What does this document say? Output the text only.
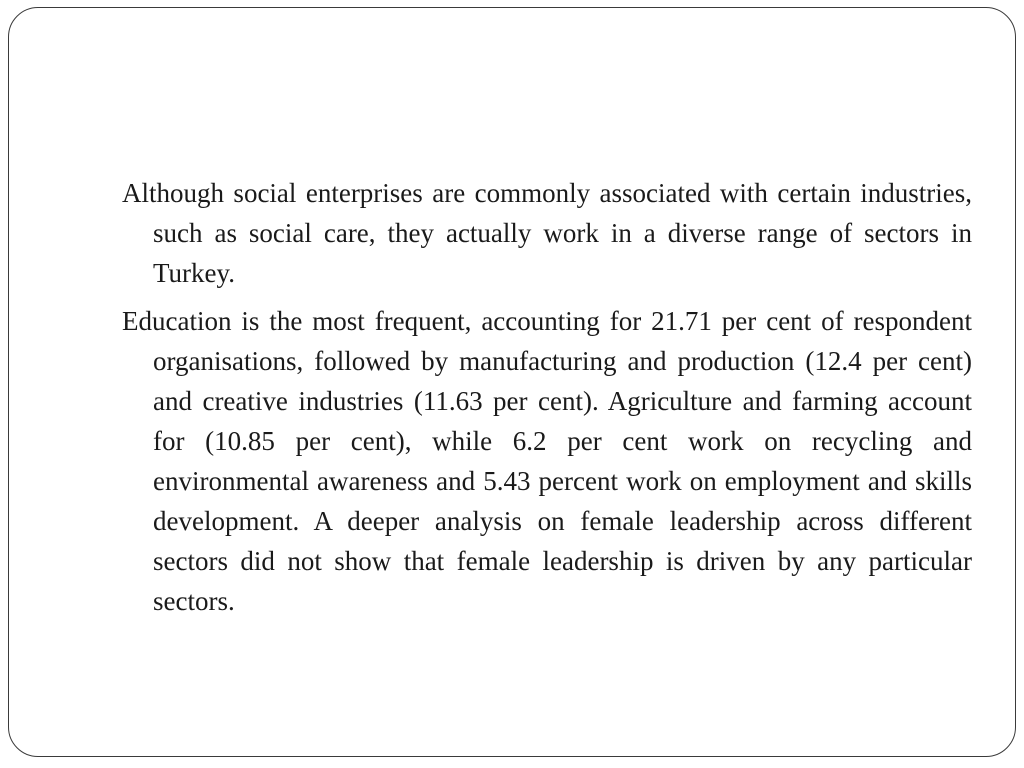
Although social enterprises are commonly associated with certain industries, such as social care, they actually work in a diverse range of sectors in Turkey.

Education is the most frequent, accounting for 21.71 per cent of respondent organisations, followed by manufacturing and production (12.4 per cent) and creative industries (11.63 per cent). Agriculture and farming account for (10.85 per cent), while 6.2 per cent work on recycling and environmental awareness and 5.43 percent work on employment and skills development. A deeper analysis on female leadership across different sectors did not show that female leadership is driven by any particular sectors.
